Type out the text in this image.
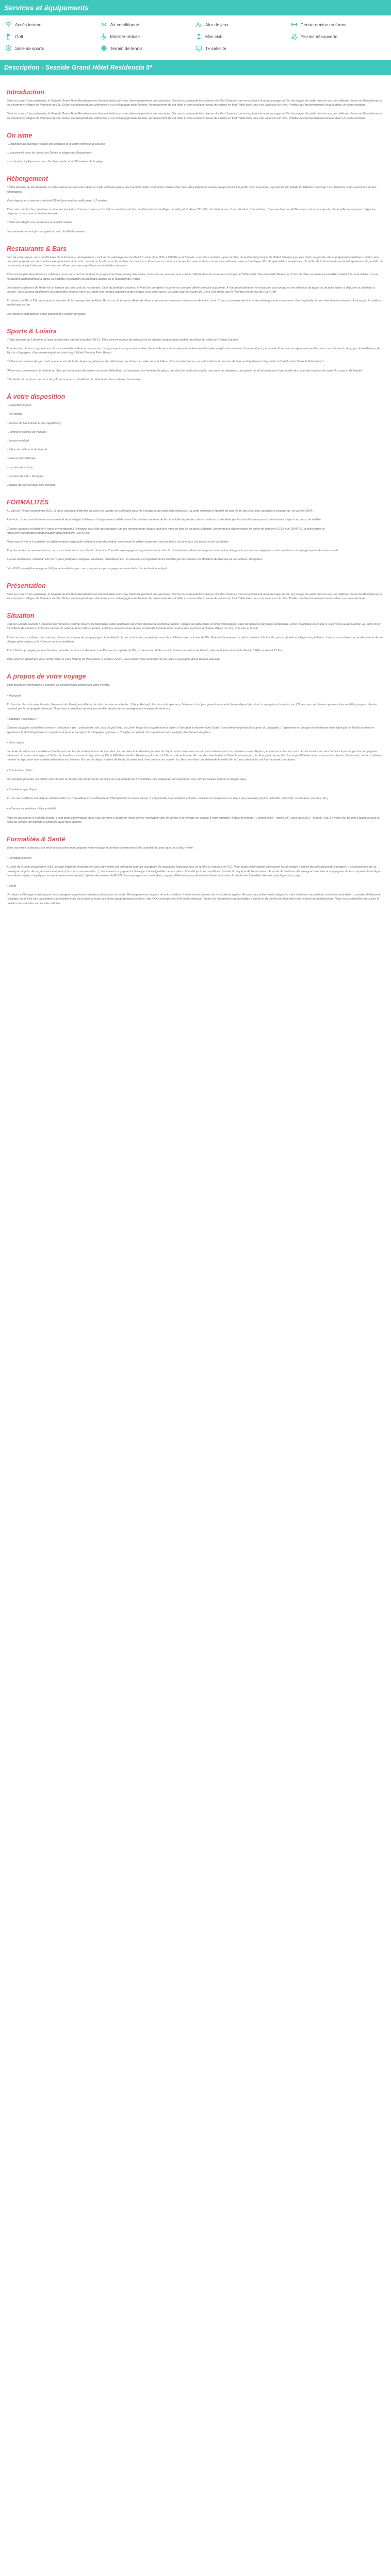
Services et équipements
Accès internet	Air conditionné	Aire de jeux	Centre remise en forme
Golf	Mobilité réduite	Mini club	Piscine découverte
Salle de sports	Terrain de tennis	Tv satellite
Description - Seaside Grand Hôtel Residencia 5*
Introduction

Situé au cœur d'une palmeraie, le Seaside Grand Hotel Residencia est l'endroit idéal pour vous détendre pendant vos vacances. Découvrez la beauté très diverse des îles Canaries tout en explorant le nord sauvage de l'île, les plages de sable doré du sud, les célèbres dunes de Maspalomas et les charmants villages de l'intérieur de l'île. Grâce aux températures clémentes et au ciel dégagé toute l'année, l'emplacement de cet hôtel et son excellent niveau de service en font l'hôtel idéal pour vos vacances de rêve. Profitez de l'environnement luxueux dans un cadre exotique.

Situé au cœur d'une palmeraie, le Seaside Grand Hotel Residencia est l'endroit idéal pour vous détendre pendant vos vacances. Découvrez la beauté très diverse des îles Canaries tout en explorant le nord sauvage de l'île, les plages de sable doré du sud, les célèbres dunes de Maspalomas et les charmants villages de l'intérieur de l'île. Grâce aux températures clémentes et au ciel dégagé toute l'année, l'emplacement de cet hôtel et son excellent niveau de service en font l'hôtel idéal pour vos vacances de rêve. Profitez de l'environnement luxueux dans un cadre exotique.

On aime

- L'architecture coloniale typique des canaries et le cadre intimiste et luxueux

- La proximité avec les fameuses Dunes et plages de Maspalomas

- La situation idyllique au cœur d'un beau jardin et à 300 mètres de la plage

Hébergement

L'hôtel dispose de 94 chambres et suites luxueuses décorées dans un style colonial typique des Canaries. Elles sont toutes situées dans des villas élégantes à deux étages bordant le jardin avec sa piscine, à proximité immédiate du bâtiment principal. Les chambres sont spacieuses et bien aménagées.

Vous logerez en chambre standard (32 m²) pouvant accueillir jusqu'à 2 adultes.

Pour votre confort, les chambres sont toutes équipées d'une terrasse ou d'un balcon meublés, de l'air conditionné ou chauffage, du wifi gratuit, d'une TV LCD, d'un téléphone, d'un coffre-fort, d'un minibar, d'une machine à café Nespresso et de sa capsule, d'une salle de bain avec baignoire, peignoirs, chaussons et sèche-cheveux.

L'hôtel est adapté aux personnes à mobilité réduite.

Les animaux ne sont pas acceptés au sein de l'établissement.

Restaurants & Bars

Lors de votre séjour, vous bénéficierez de la formule « demi-pension » incluant le petit déjeuner de 8h à 11h et le dîner (19h à 22h30) ou la formule « pension complète » pour profiter du restaurant principal de l'hôtel. Chaque jour, des chefs de grande classe préparent un délicieux buffet, avec des plats préparés par des maîtres exceptionnels, à la carte, chauds ou froids, sont disponibles tous les jours. Vous pourrez découvrir toutes les saveurs de la cuisine internationale, ainsi qu'une large offre de spécialités canariennes. Un buffet de fruits et de desserts est également disponible. Le restaurant principal dispose d'une terrasse offrant une vue magnifique sur les jardins tropicaux.

Pour encore plus d'expériences culinaires, nous vous recommandons le programme Cross-Dining. En soirée, vous pourrez savourer une cuisine raffinée dans le restaurant principal de l'hôtel voisin Seaside Palm Beach ou choisir de dîner au restaurant méditerranéen à la carte Il Amico ou au restaurant gastronomique à tapas La Bodega (réservation au préalable auprès de la réception de l'hôtel).

Les plaisirs culinaires de l'hôtel ne se limitent pas aux plats du restaurant. Situé au bord des piscines, le Pool Bar complète l'expérience culinaire offerte pendant la journée. À l'heure du déjeuner, le restaurant vous propose une sélection de tapas ou de plats légers à déguster au bord de la piscine. Vous pourrez également vous détendre avec un verre au Lobby Bar, où des cocktails et des snacks vous sont servis. Le Lobby Bar est ouvert de 10h à 23h tandis que le Pool Bar est ouvert de 10h à 18h.

En soirée, de 18h à 23h, vous pourrez écouter de la musique live au Piano Bar ou sur la terrasse. Avant de dîner, vous pourrez savourer une boisson de votre choix. Si vous souhaitez terminer votre soirée par une musique en direct agréable et une sélection de boissons, il n'y a pas de meilleur endroit que ce bar.

Les horaires sont donnés à titre indicatif et à vérifier sur place.

Sports & Loisirs

L'hôtel dispose de 2 piscines à l'eau de mer dont une est chauffée (30°C). Elles sont entourées de parasols et de chaises longues pour profiter au mieux du soleil de Grande Canarie.

Prendre soin de son corps est une chose essentielle, même en vacances, c'est pourquoi vous pourrez profiter d'une salle de sport en plein air entièrement équipée, en plus des services d'un entraîneur personnel. Vous pourrez également profiter des cours de tennis, de yoga, de méditation, de Tai chi, d'aquagym, d'aqua-spinning et de stretching à l'hôtel Seaside Palm Beach.

L'hôtel vous propose des jeux tels que le tennis de table, la jeu de pétanque, des fléchettes, les échecs en plein air et le billard. Pour les plus jeunes, un club enfants et une aire de jeux sont également disponibles à l'hôtel voisin Seaside Palm Beach.

Offrez-vous un moment de détente au Spa qui met à votre disposition un sauna finlandais, un hammam, une fontaine de glace, une douche multi-sensorielle, une zone de relaxation, une grotte de sel et un bassin d'eau froide ainsi que des services de soins du corps et de beauté.

L'île abrite de nombreux terrains de golf, vous pourrez bénéficier de réductions dans certains d'entre eux.

À votre disposition

- Réception 24h/24

- Wifi gratuit

- Service de blanchisserie (en supplément)

- Parking et service de voiturier

- Service médical

- Salon de coiffure et de beauté

- Presse internationale

- Location de voiture

- Location de vélo - Boutique

Certains de ces services sont payants.

FORMALITÉS

Au vue de l'Union européenne (UE), la carte nationale d'identité en cours de validité est suffisante pour les voyageurs de nationalité française. La carte nationale d'identité de plus de 10 ans n'est plus acceptée à compter du 1er janvier 2024.

Attention : Il vous est fortement recommandé de privilégier l'utilisation d'un passeport valide à une CNI portant une date de fin de validité dépassée, même si elle est considérée par les autorités françaises comme étant toujours en cours de validité.

Chaque voyageur résidant en France et voyageant à l'étranger sans être accompagné par ses représentants légaux, doit être muni en plus de sa pièce d'identité, du formulaire d'autorisation de sortie de territoire (CERFA n°15646*01) à télécharger ici : https://www.formulaires.modernisation.gouv.fr/gf/cerfa_15646.do.

Nous vous invitons à consulter la réglementation disponible relative à votre destination concernant la valeur totale des marchandises, les animaux, les tabacs et les spiritueux.

Pour les autres recommandations, nous vous invitons à consulter la rubrique « Conseils aux voyageurs » présente sur le site du ministère des affaires étrangères www.diplomatie.gouv.fr qui vous renseignera sur les conditions de voyage auprès de votre monde.

Aucune destination n'étant à l'abri de risques politiques, religieux, sanitaires, climatiques etc., la situation est régulièrement contrôlée par les services du Ministère de l'Europe et des Affaires étrangères.

http://XXX.www.diplomatie.gouv.fr/fr/pr-partir-a-l-etranger : vous ne pourrez pas voyager sur le territoire de destination indiqué.

Présentation

Situé au cœur d'une palmeraie, le Seaside Grand Hotel Residencia est l'endroit idéal pour vous détendre pendant vos vacances. Découvrez la beauté très diverse des îles Canaries tout en explorant le nord sauvage de l'île, les plages de sable doré du sud, les célèbres dunes de Maspalomas et les charmants villages de l'intérieur de l'île. Grâce aux températures clémentes et au ciel dégagé toute l'année, l'emplacement de cet hôtel et son excellent niveau de service en font l'hôtel idéal pour vos vacances de rêve. Profitez de l'environnement luxueux dans un cadre exotique.

Situation

Cap sur Grande Canarie ! Déclarée par l'Unesco, comme réserve de biosphère, cette destination de choix dispose de nombreux atouts : plages de sable blanc et fonds volcaniques, eaux turquoise et paysages somptueux. Entre l'Atlantique et le désert, l'île invite à la découverte. Ici, entre 30 et 35 millions de couleurs. Entre les centres de réserve et les villes colorées, entre les canyons et les dunes, la Grande Canarie vous réserve des surprises à chaque détour. Ici on y vit le jour et la nuit.

Entre ces deux extrêmes : les volcans, dunes, la richesse de ces paysages, la multitude de ces contrastes, on peut découvrir les différents microclimats de l'île. Grande Canarie est un petit continent, à la fois île, parcs naturels et villages de pêcheurs. Laissez-vous tenter par la découverte de ces villages pittoresques et la richesse de leurs traditions.

Et la Caldera protégée par une barrière naturelle de terres et d'océan : Las Palmas, la capitale de l'île, est à environ 60 km ou 45 minutes en voiture de l'hôtel ; l'aéroport international de Gando (LPA) se situe à 27 km.

Vous pourrez également vous rendre dans le Parc Naturel de Pilancones, à environ 12 km, vous découvrirez la beauté de ces sites et paysages d'une beauté sauvage.

À propos de votre voyage

Voici quelques informations à prendre en considération concernant votre voyage.

• Transport

En fonction des vols sélectionnés, l'aéroport de départ peut différer de celui de votre arrivée (ex : Orly et Roissy). Pour les vols spéciaux, l'aéroport n'est pas garanti lorsque le titre de départ (terminal, compagnie et horaires, etc.) Notez que ces derniers peuvent être modifiés jusqu'au dernier moment par la compagnie aérienne. Nous vous conseillons de toujours vérifier auprès de la compagnie les horaires de votre vol.

• Bagages « spéciaux »

Certains bagages considérés comme « spéciaux » (ex. : planche de surf, club de golf, vélo, etc.) font l'objet d'un supplément à régler à l'aéroport et doivent faire l'objet d'une demande préalable auprès du voyagiste. L'organisme en charge des transferts entre l'aéroport et l'hôtel se réserve également le droit d'appliquer un supplément pour le transport de « bagages spéciaux » (à régler sur place). Ce supplément sera à régler directement sur place.

• Votre séjour

La durée du séjour est calculée en fonction du nombre de nuitées et non de journées. La première et la dernière journée du séjour sont consacrées au transport international. Les arrivées ou les départs peuvent avoir lieu en cours de nuit en fonction des horaires imposés par les compagnies aériennes. Lors de votre séjour à l'hôtel, la chambre est mise à disposition à 15h à 14h00 et doit être libérée au plus tard à 12h, au même horaire. En cas d'arrivée tardive à l'hôtel le premier jour, le dîner peut ne pas être fourni par l'hôtelier et le restaurant est fermé. Cependant, certains hôteliers mettent à disposition une assiette froide dans la chambre. En cas de départ matinal de l'hôtel, le restaurant n'est pas encore ouvert : le client peut faire une demande la veille afin qu'une collation lui soit fournie avant son départ.

• Conduit des bébés

De manière générale, les bébés sont classés en termes de confort et de services sur une échelle de 1 à 5 étoiles, ces catégories correspondent aux normes locales propres à chaque pays.

• Conditions spécifiques

En cas de conditions climatiques défavorables ou d'une affluence insuffisante à l'hôtel pendant la basse saison, il est possible que certaines activités, services et installations ne soient pas proposés (sports collectifs, mini-club, restaurants, piscines, etc.).

• Informations relatives à l'accessibilité

Pour les personnes à mobilité réduite, avant toute confirmation, nous vous invitons à contacter notre service réservation afin de vérifier si le voyage est adapté à votre situation. Bébés et enfants : L'enfant bébé – moins de 2 ans) ou le lot E - enfant » (de 2 à moins de 12 ans) s'applique pour le bébé ou l'enfant qui partage la chambre avec deux adultes.

Formalités & Santé

Vous trouverez ci-dessous les informations utiles pour préparer votre voyage et prendre connaissance des autorités du pays que vous allez visiter.

• Formalité d'entrée

Au sein de l'Union européenne (UE), la carte nationale d'identité en cours de validité est suffisante pour les voyageurs de nationalité française pour se rendre à l'intérieur de l'UE. Pour toutes informations concernant les formalités d'entrée des ressortissants étrangers, il est nécessaire de se renseigner auprès des organismes adéquats (consulats, ambassades...). Les mineurs voyageant à l'étranger doivent justifier de leur pièce d'identité (voir les conditions d'entrée du pays) et de l'autorisation de sortie de territoire s'ils voyagent sans être accompagnés de leurs représentants légaux. Les mêmes règles s'appliquent au bébé. www.service-public.fr/particuliers/vosdroits/F1922. Les passagers en transit dans un pays différent de leur destination finale sont priés de vérifier les formalités d'entrée spécifiques à ce pays.

• Santé

Un séjour à l'étranger implique pour tout voyageur de prendre certaines précautions de santé. Renseignez-vous auprès de votre médecin traitant et des centres de vaccinations agréés. Aucune vaccination n'est obligatoire mais certaines vaccinations sont recommandées ; consulter l'Hôtel pour l'étranger sur la liste des vaccinations habituelles mais aussi liées à toutes les zones géographiques visitées. http://XXX.www.pasteur.fr/fr/centre-medical. Toutes les informations de formalités d'entrée et de santé sont données sous réserve de modifications. Nous vous conseillons de suivre la position des autorités sur les sites officiels.
